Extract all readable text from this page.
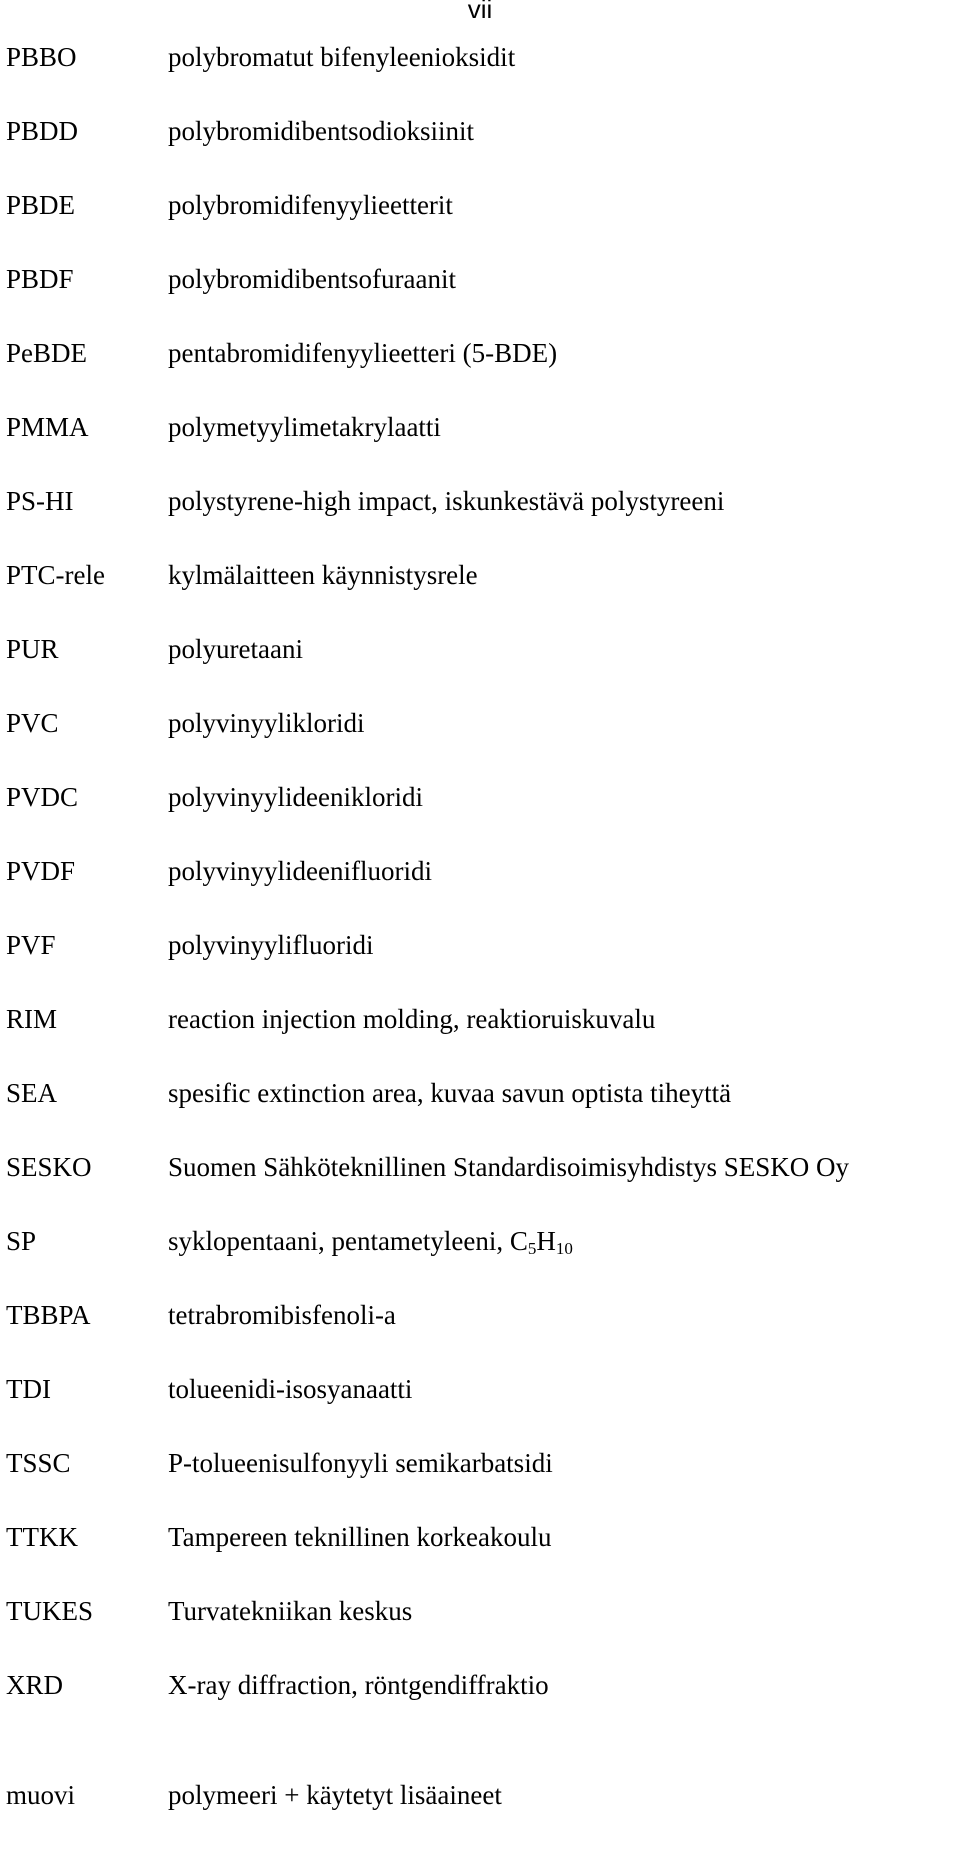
vii
PBBO	polybromatut bifenyleenioksidit
PBDD	polybromidibentsodioksiinit
PBDE	polybromidifenyylieetterit
PBDF	polybromidibentsofuraanit
PeBDE	pentabromidifenyylieetteri (5-BDE)
PMMA	polymetyylimetakrylaatti
PS-HI	polystyrene-high impact, iskunkestävä polystyreeni
PTC-rele	kylmälaitteen käynnistysrele
PUR	polyuretaani
PVC	polyvinyylikloridi
PVDC	polyvinyylideenikloridi
PVDF	polyvinyylideenifluoridi
PVF	polyvinyylifluoridi
RIM	reaction injection molding, reaktioruiskuvalu
SEA	spesific extinction area, kuvaa savun optista tiheyttä
SESKO	Suomen Sähköteknillinen Standardisoimisyhdistys SESKO Oy
SP	syklopentaani, pentametyleeni, $C_5H_{10}$
TBBPA	tetrabromibisfenoli-a
TDI	tolueenidi-isosyanaatti
TSSC	P-tolueenisulfonyyli semikarbatsidi
TTKK	Tampereen teknillinen korkeakoulu
TUKES	Turvatekniikan keskus
XRD	X-ray diffraction, röntgendiffraktio
muovi	polymeeri + käytetyt lisäaineet
